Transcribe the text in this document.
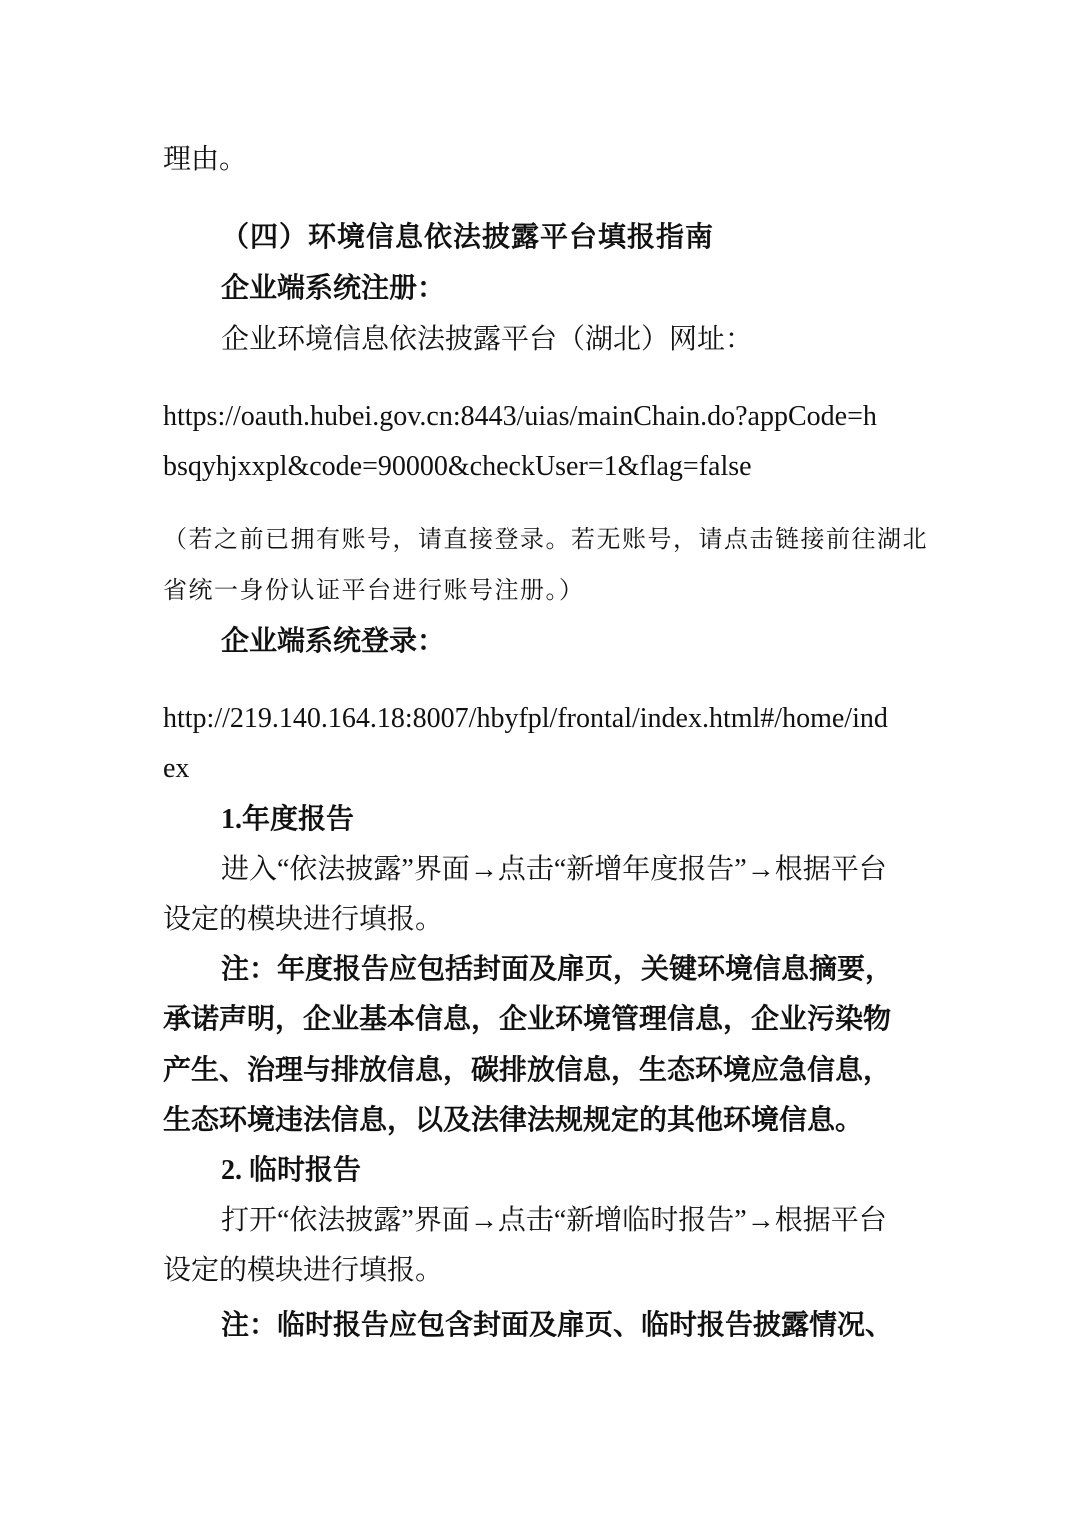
理由。
（四）环境信息依法披露平台填报指南
企业端系统注册：
企业环境信息依法披露平台（湖北）网址：
https://oauth.hubei.gov.cn:8443/uias/mainChain.do?appCode=h
bsqyhjxxpl&code=90000&checkUser=1&flag=false
（若之前已拥有账号，请直接登录。若无账号，请点击链接前往湖北
省统一身份认证平台进行账号注册。）
企业端系统登录：
http://219.140.164.18:8007/hbyfpl/frontal/index.html#/home/ind
ex
1.年度报告
进入“依法披露”界面→点击“新增年度报告”→根据平台
设定的模块进行填报。
注：年度报告应包括封面及扉页，关键环境信息摘要，
承诺声明，企业基本信息，企业环境管理信息，企业污染物
产生、治理与排放信息，碳排放信息，生态环境应急信息，
生态环境违法信息，以及法律法规规定的其他环境信息。
2. 临时报告
打开“依法披露”界面→点击“新增临时报告”→根据平台
设定的模块进行填报。
注：临时报告应包含封面及扉页、临时报告披露情况、
